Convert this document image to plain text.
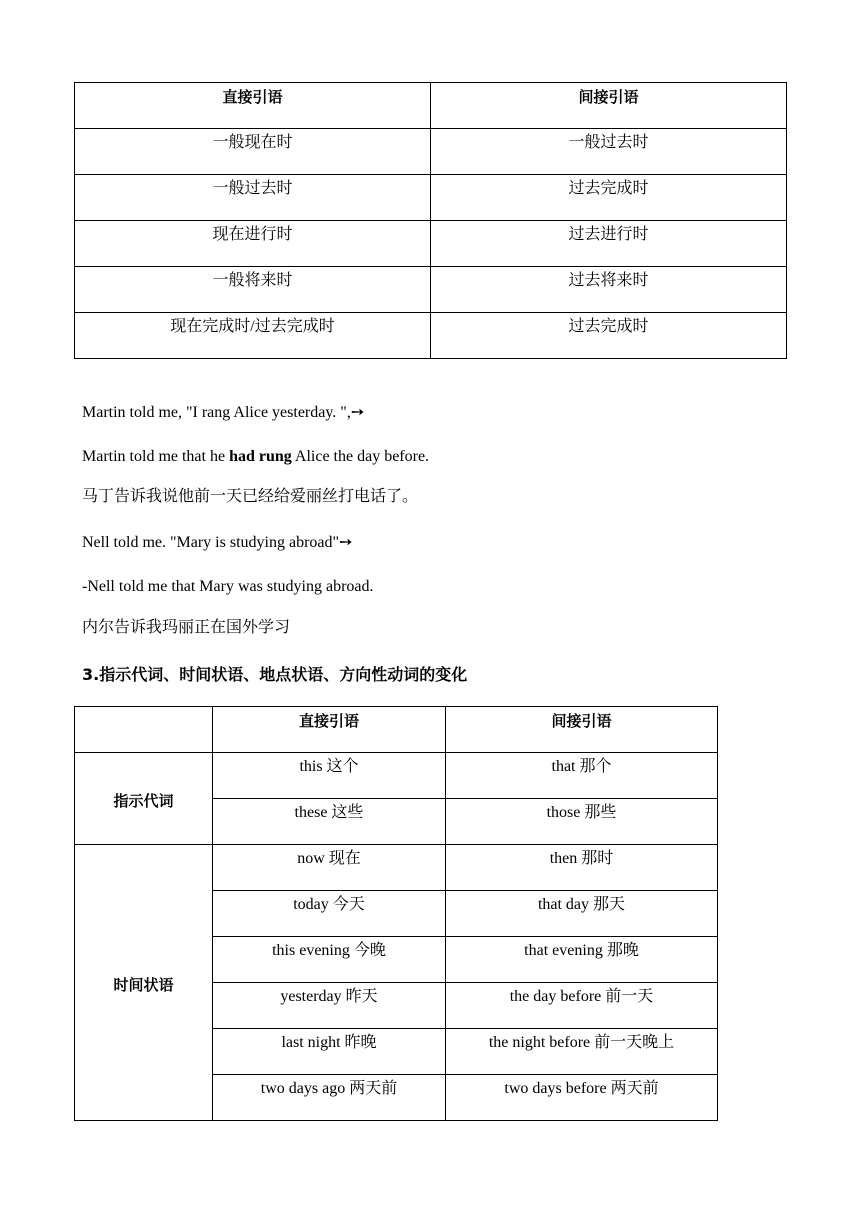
直接引语	间接引语
一般现在时	一般过去时
一般过去时	过去完成时
现在进行时	过去进行时
一般将来时	过去将来时
现在完成时/过去完成时	过去完成时
Martin told me, "I rang Alice yesterday. ",➙
Martin told me that he had rung Alice the day before.
马丁告诉我说他前一天已经给爱丽丝打电话了。
Nell told me. "Mary is studying abroad"➙
-Nell told me that Mary was studying abroad.
内尔告诉我玛丽正在国外学习
3.指示代词、时间状语、地点状语、方向性动词的变化
	直接引语	间接引语
指示代词	this 这个	that 那个
	these 这些	those 那些
时间状语	now 现在	then 那时
	today 今天	that day 那天
	this evening 今晚	that evening 那晚
	yesterday 昨天	the day before 前一天
	last night 昨晚	the night before 前一天晚上
	two days ago 两天前	two days before 两天前
